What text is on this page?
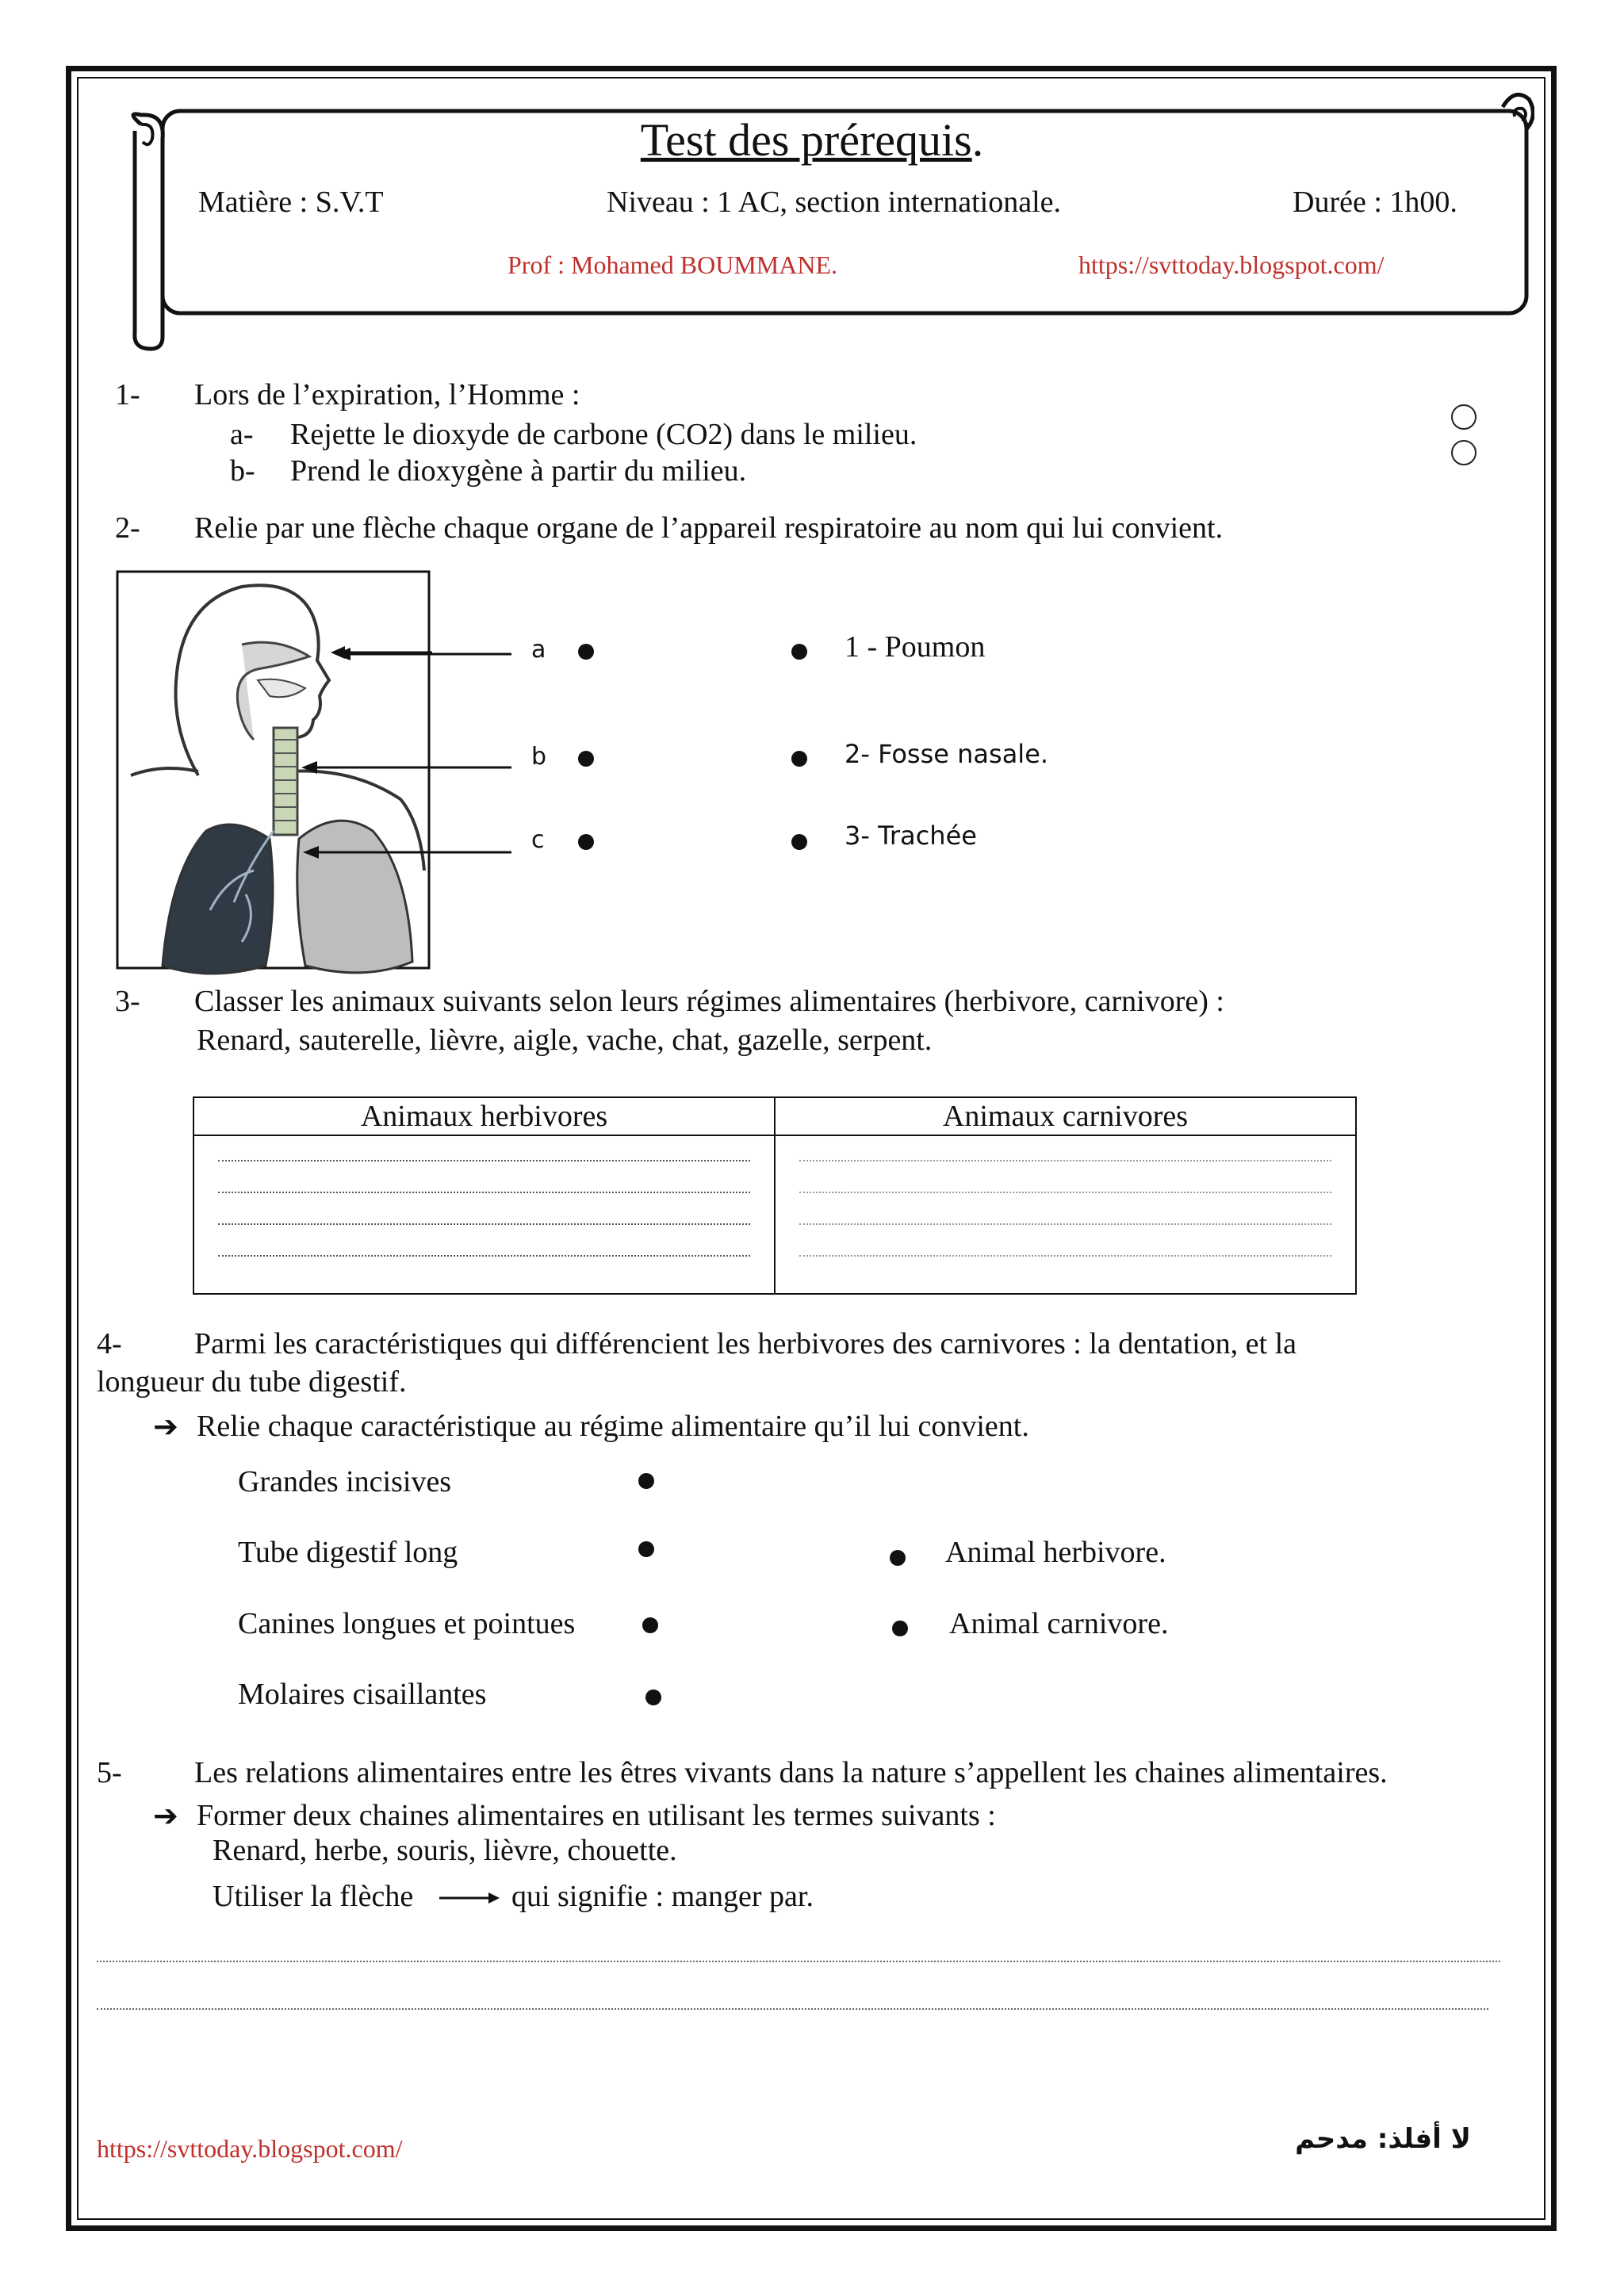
Test des prérequis.
Matière : S.V.T	Niveau : 1 AC, section internationale.	Durée : 1h00.
Prof : Mohamed BOUMMANE.	https://svttoday.blogspot.com/
1- Lors de l’expiration, l’Homme :
a- Rejette le dioxyde de carbone (CO2) dans le milieu.
b- Prend le dioxygène à partir du milieu.
2- Relie par une flèche chaque organe de l’appareil respiratoire au nom qui lui convient.
a
b
c
1 - Poumon
2- Fosse nasale.
3- Trachée
3- Classer les animaux suivants selon leurs régimes alimentaires (herbivore, carnivore) :
Renard, sauterelle, lièvre, aigle, vache, chat, gazelle, serpent.
Animaux herbivores	Animaux carnivores

4- Parmi les caractéristiques qui différencient les herbivores des carnivores : la dentation, et la
longueur du tube digestif.
➔ Relie chaque caractéristique au régime alimentaire qu’il lui convient.
Grandes incisives
Tube digestif long
Canines longues et pointues
Molaires cisaillantes
Animal herbivore.
Animal carnivore.
5- Les relations alimentaires entre les êtres vivants dans la nature s’appellent les chaines alimentaires.
➔ Former deux chaines alimentaires en utilisant les termes suivants :
Renard, herbe, souris, lièvre, chouette.
Utiliser la flèche	qui signifie : manger par.
https://svttoday.blogspot.com/	لا أفلذ: مدحم
